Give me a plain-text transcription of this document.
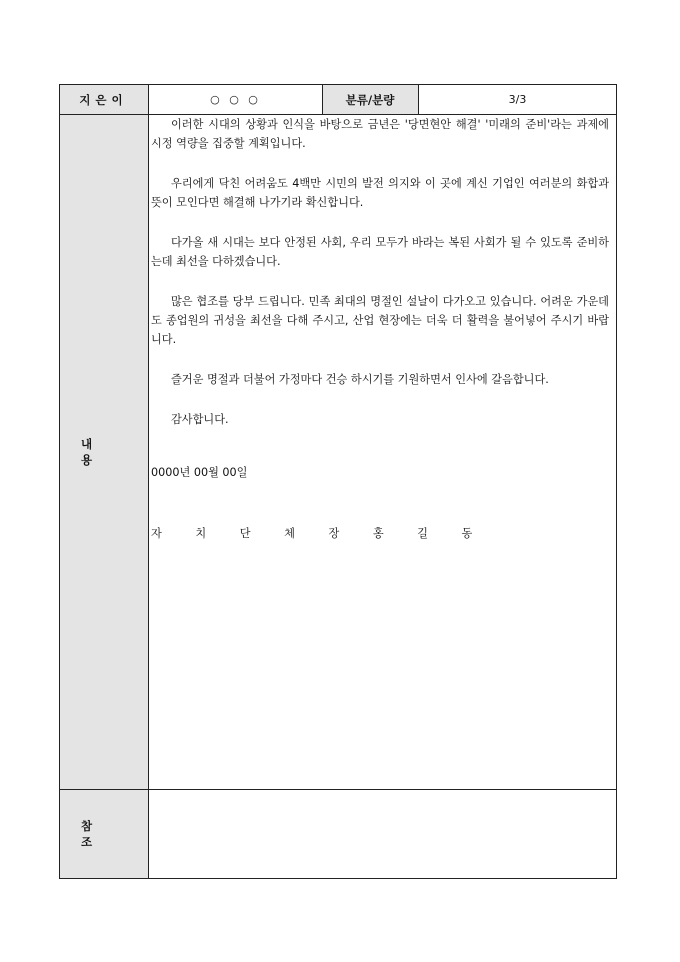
지은이	○ ○ ○	분류/분량	3/3
내 용

이러한 시대의 상황과 인식을 바탕으로 금년은 '당면현안 해결' '미래의 준비'라는 과제에 시정 역량을 집중할 계획입니다.

우리에게 닥친 어려움도 4백만 시민의 발전 의지와 이 곳에 계신 기업인 여러분의 화합과 뜻이 모인다면 해결해 나가기라 확신합니다.

다가올 새 시대는 보다 안정된 사회, 우리 모두가 바라는 복된 사회가 될 수 있도록 준비하는데 최선을 다하겠습니다.

많은 협조를 당부 드립니다. 민족 최대의 명절인 설날이 다가오고 있습니다. 어려운 가운데도 종업원의 귀성을 최선을 다해 주시고, 산업 현장에는 더욱 더 활력을 불어넣어 주시기 바랍니다.

즐거운 명절과 더불어 가정마다 건승 하시기를 기원하면서 인사에 갈음합니다.

감사합니다.

0000년 00월 00일

자 치 단 체 장 홍 길 동

참 조
